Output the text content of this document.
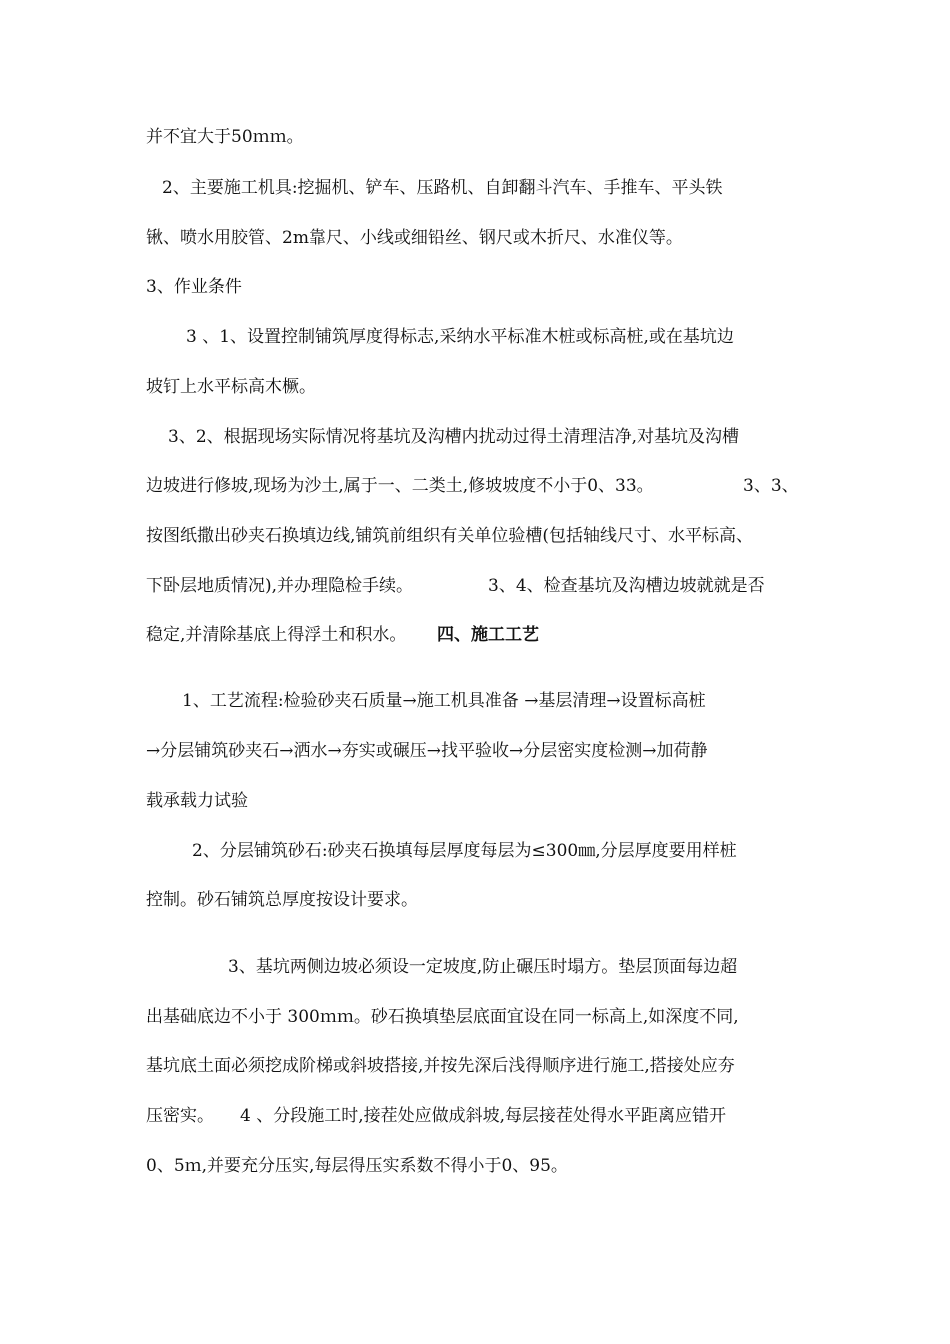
并不宜大于50ｍｍ。
2、主要施工机具:挖掘机、铲车、压路机、自卸翻斗汽车、手推车、平头铁
锹、喷水用胶管、2m靠尺、小线或细铅丝、钢尺或木折尺、水准仪等。
3、作业条件
3 、1、设置控制铺筑厚度得标志,采纳水平标准木桩或标高桩,或在基坑边
坡钉上水平标高木橛。
3、2、根据现场实际情况将基坑及沟槽内扰动过得土清理洁净,对基坑及沟槽
边坡进行修坡,现场为沙土,属于一、二类土,修坡坡度不小于0、33。	3、3、
按图纸撒出砂夹石换填边线,铺筑前组织有关单位验槽(包括轴线尺寸、水平标高、
下卧层地质情况),并办理隐检手续。	3、4、检查基坑及沟槽边坡就就是否
稳定,并清除基底上得浮土和积水。 四、施工工艺
1、工艺流程:检验砂夹石质量→施工机具准备 →基层清理→设置标高桩
→分层铺筑砂夹石→洒水→夯实或碾压→找平验收→分层密实度检测→加荷静
载承载力试验
2、分层铺筑砂石:砂夹石换填每层厚度每层为≤300㎜,分层厚度要用样桩
控制。砂石铺筑总厚度按设计要求。
3、基坑两侧边坡必须设一定坡度,防止碾压时塌方。垫层顶面每边超
出基础底边不小于 300ｍｍ。砂石换填垫层底面宜设在同一标高上,如深度不同,
基坑底土面必须挖成阶梯或斜坡搭接,并按先深后浅得顺序进行施工,搭接处应夯
压密实。 4 、分段施工时,接茬处应做成斜坡,每层接茬处得水平距离应错开
0、5ｍ,并要充分压实,每层得压实系数不得小于0、95。
